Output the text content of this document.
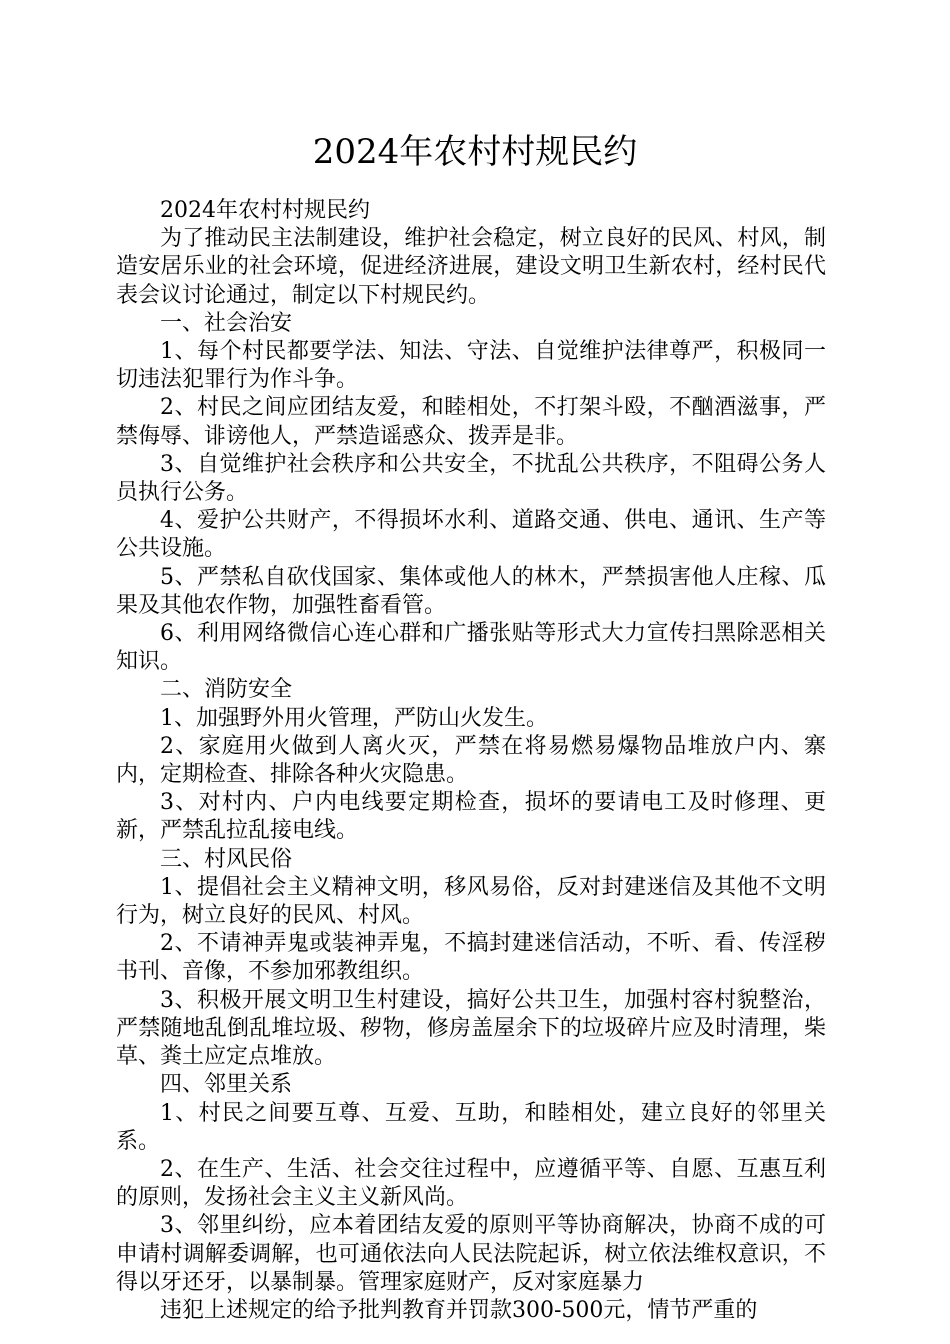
2024年农村村规民约

2024年农村村规民约

为了推动民主法制建设，维护社会稳定，树立良好的民风、村风，制造安居乐业的社会环境，促进经济进展，建设文明卫生新农村，经村民代表会议讨论通过，制定以下村规民约。

一、社会治安

1、每个村民都要学法、知法、守法、自觉维护法律尊严，积极同一切违法犯罪行为作斗争。

2、村民之间应团结友爱，和睦相处，不打架斗殴，不酗酒滋事，严禁侮辱、诽谤他人，严禁造谣惑众、拨弄是非。

3、自觉维护社会秩序和公共安全，不扰乱公共秩序，不阻碍公务人员执行公务。

4、爱护公共财产，不得损坏水利、道路交通、供电、通讯、生产等公共设施。

5、严禁私自砍伐国家、集体或他人的林木，严禁损害他人庄稼、瓜果及其他农作物，加强牲畜看管。

6、利用网络微信心连心群和广播张贴等形式大力宣传扫黑除恶相关知识。

二、消防安全

1、加强野外用火管理，严防山火发生。

2、家庭用火做到人离火灭，严禁在将易燃易爆物品堆放户内、寨内，定期检查、排除各种火灾隐患。

3、对村内、户内电线要定期检查，损坏的要请电工及时修理、更新，严禁乱拉乱接电线。

三、村风民俗

1、提倡社会主义精神文明，移风易俗，反对封建迷信及其他不文明行为，树立良好的民风、村风。

2、不请神弄鬼或装神弄鬼，不搞封建迷信活动，不听、看、传淫秽书刊、音像，不参加邪教组织。

3、积极开展文明卫生村建设，搞好公共卫生，加强村容村貌整治，严禁随地乱倒乱堆垃圾、秽物，修房盖屋余下的垃圾碎片应及时清理，柴草、粪土应定点堆放。

四、邻里关系

1、村民之间要互尊、互爱、互助，和睦相处，建立良好的邻里关系。

2、在生产、生活、社会交往过程中，应遵循平等、自愿、互惠互利的原则，发扬社会主义主义新风尚。

3、邻里纠纷，应本着团结友爱的原则平等协商解决，协商不成的可申请村调解委调解，也可通依法向人民法院起诉，树立依法维权意识，不得以牙还牙，以暴制暴。管理家庭财产，反对家庭暴力

违犯上述规定的给予批判教育并罚款300-500元，情节严重的
